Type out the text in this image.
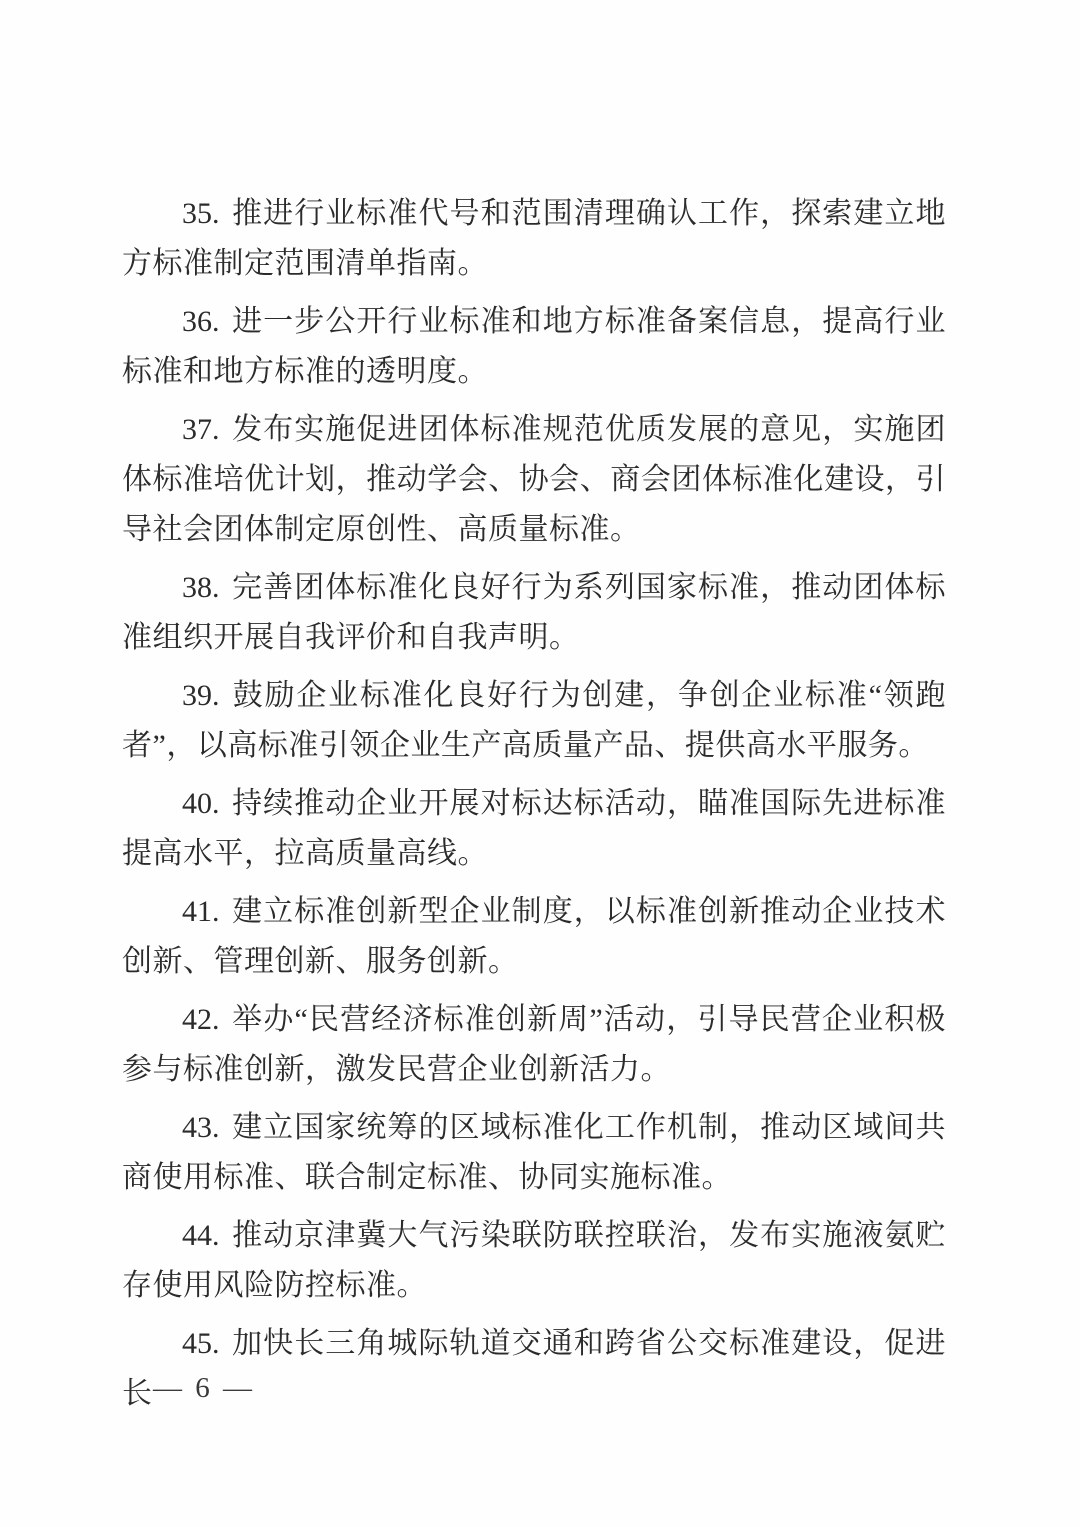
35. 推进行业标准代号和范围清理确认工作，探索建立地方标准制定范围清单指南。

36. 进一步公开行业标准和地方标准备案信息，提高行业标准和地方标准的透明度。

37. 发布实施促进团体标准规范优质发展的意见，实施团体标准培优计划，推动学会、协会、商会团体标准化建设，引导社会团体制定原创性、高质量标准。

38. 完善团体标准化良好行为系列国家标准，推动团体标准组织开展自我评价和自我声明。

39. 鼓励企业标准化良好行为创建，争创企业标准“领跑者”，以高标准引领企业生产高质量产品、提供高水平服务。

40. 持续推动企业开展对标达标活动，瞄准国际先进标准提高水平，拉高质量高线。

41. 建立标准创新型企业制度，以标准创新推动企业技术创新、管理创新、服务创新。

42. 举办“民营经济标准创新周”活动，引导民营企业积极参与标准创新，激发民营企业创新活力。

43. 建立国家统筹的区域标准化工作机制，推动区域间共商使用标准、联合制定标准、协同实施标准。

44. 推动京津冀大气污染联防联控联治，发布实施液氨贮存使用风险防控标准。

45. 加快长三角城际轨道交通和跨省公交标准建设，促进长 — 6 —
